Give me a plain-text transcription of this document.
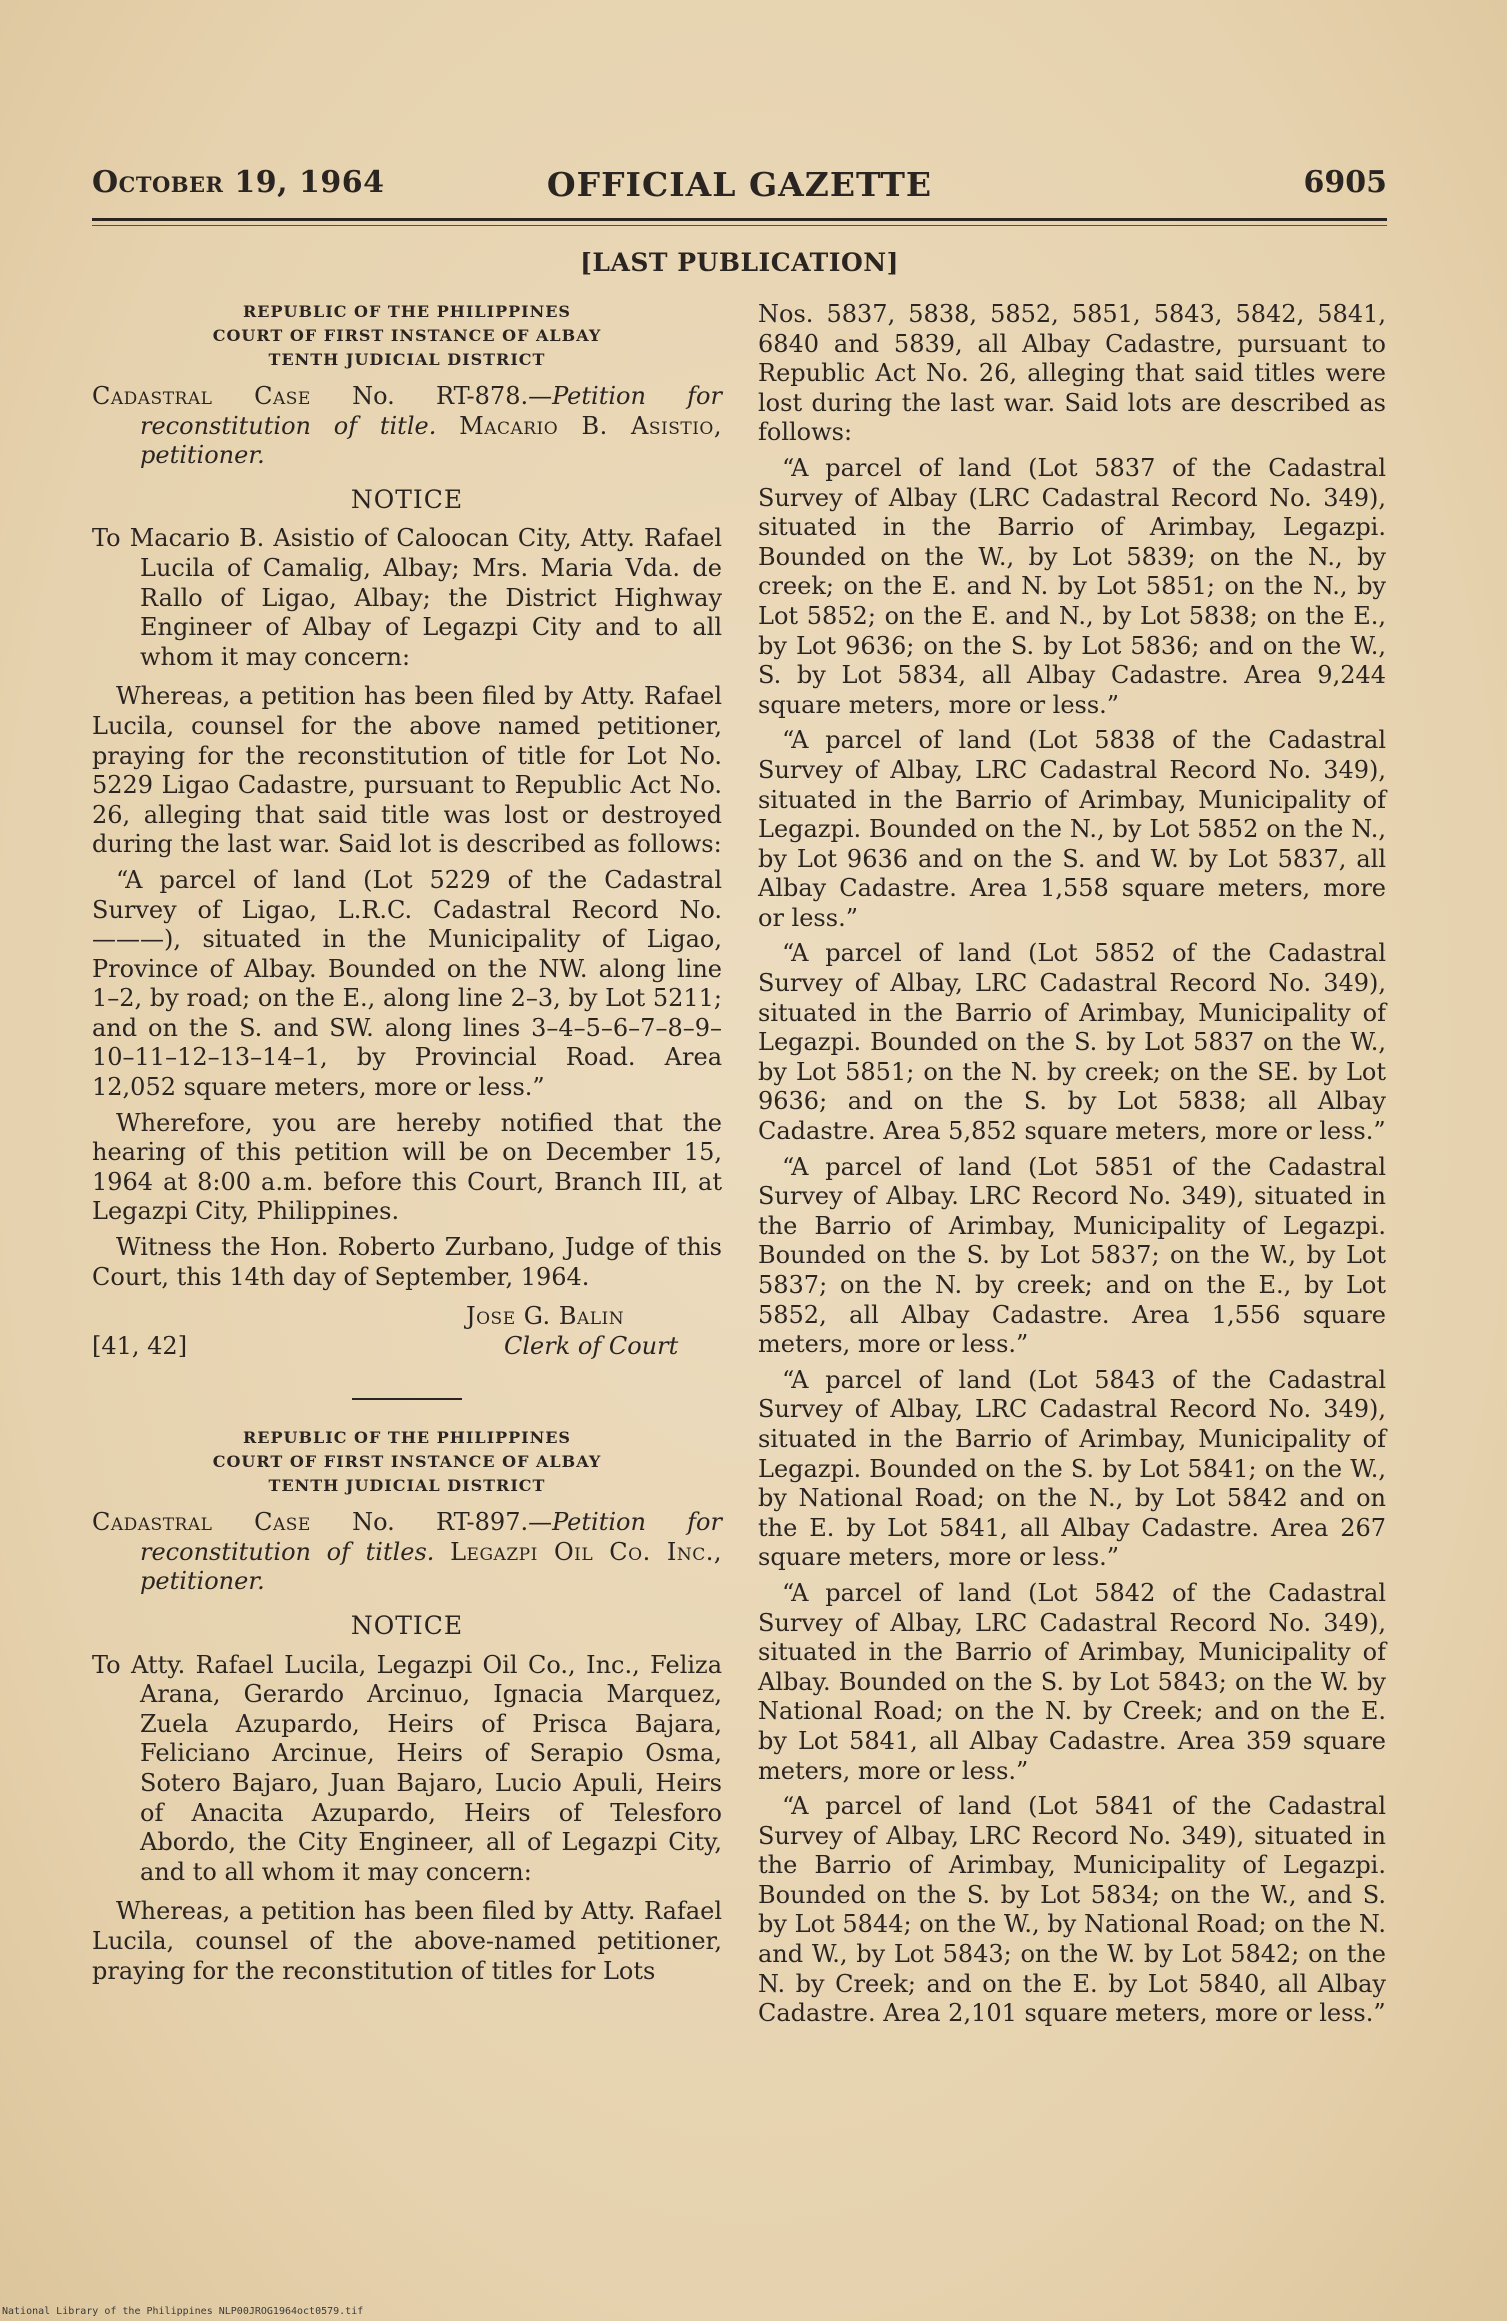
October 19, 1964	OFFICIAL GAZETTE	6905
[LAST PUBLICATION]
REPUBLIC OF THE PHILIPPINES
COURT OF FIRST INSTANCE OF ALBAY
TENTH JUDICIAL DISTRICT

Cadastral Case No. RT-878.—Petition for reconstitution of title. Macario B. Asistio, petitioner.

NOTICE

To Macario B. Asistio of Caloocan City, Atty. Rafael Lucila of Camalig, Albay; Mrs. Maria Vda. de Rallo of Ligao, Albay; the District Highway Engineer of Albay of Legazpi City and to all whom it may concern:

Whereas, a petition has been filed by Atty. Rafael Lucila, counsel for the above named petitioner, praying for the reconstitution of title for Lot No. 5229 Ligao Cadastre, pursuant to Republic Act No. 26, alleging that said title was lost or destroyed during the last war. Said lot is described as follows:

“A parcel of land (Lot 5229 of the Cadastral Survey of Ligao, L.R.C. Cadastral Record No. ———), situated in the Municipality of Ligao, Province of Albay. Bounded on the NW. along line 1–2, by road; on the E., along line 2–3, by Lot 5211; and on the S. and SW. along lines 3–4–5–6–7–8–9–10–11–12–13–14–1, by Provincial Road. Area 12,052 square meters, more or less.”

Wherefore, you are hereby notified that the hearing of this petition will be on December 15, 1964 at 8:00 a.m. before this Court, Branch III, at Legazpi City, Philippines.

Witness the Hon. Roberto Zurbano, Judge of this Court, this 14th day of September, 1964.

Jose G. Balin
Clerk of Court
[41, 42]
REPUBLIC OF THE PHILIPPINES
COURT OF FIRST INSTANCE OF ALBAY
TENTH JUDICIAL DISTRICT

Cadastral Case No. RT-897.—Petition for reconstitution of titles. Legazpi Oil Co. Inc., petitioner.

NOTICE

To Atty. Rafael Lucila, Legazpi Oil Co., Inc., Feliza Arana, Gerardo Arcinuo, Ignacia Marquez, Zuela Azupardo, Heirs of Prisca Bajara, Feliciano Arcinue, Heirs of Serapio Osma, Sotero Bajaro, Juan Bajaro, Lucio Apuli, Heirs of Anacita Azupardo, Heirs of Telesforo Abordo, the City Engineer, all of Legazpi City, and to all whom it may concern:

Whereas, a petition has been filed by Atty. Rafael Lucila, counsel of the above-named petitioner, praying for the reconstitution of titles for Lots

Nos. 5837, 5838, 5852, 5851, 5843, 5842, 5841, 6840 and 5839, all Albay Cadastre, pursuant to Republic Act No. 26, alleging that said titles were lost during the last war. Said lots are described as follows:

“A parcel of land (Lot 5837 of the Cadastral Survey of Albay (LRC Cadastral Record No. 349), situated in the Barrio of Arimbay, Legazpi. Bounded on the W., by Lot 5839; on the N., by creek; on the E. and N. by Lot 5851; on the N., by Lot 5852; on the E. and N., by Lot 5838; on the E., by Lot 9636; on the S. by Lot 5836; and on the W., S. by Lot 5834, all Albay Cadastre. Area 9,244 square meters, more or less.”

“A parcel of land (Lot 5838 of the Cadastral Survey of Albay, LRC Cadastral Record No. 349), situated in the Barrio of Arimbay, Municipality of Legazpi. Bounded on the N., by Lot 5852 on the N., by Lot 9636 and on the S. and W. by Lot 5837, all Albay Cadastre. Area 1,558 square meters, more or less.”

“A parcel of land (Lot 5852 of the Cadastral Survey of Albay, LRC Cadastral Record No. 349), situated in the Barrio of Arimbay, Municipality of Legazpi. Bounded on the S. by Lot 5837 on the W., by Lot 5851; on the N. by creek; on the SE. by Lot 9636; and on the S. by Lot 5838; all Albay Cadastre. Area 5,852 square meters, more or less.”

“A parcel of land (Lot 5851 of the Cadastral Survey of Albay. LRC Record No. 349), situated in the Barrio of Arimbay, Municipality of Legazpi. Bounded on the S. by Lot 5837; on the W., by Lot 5837; on the N. by creek; and on the E., by Lot 5852, all Albay Cadastre. Area 1,556 square meters, more or less.”

“A parcel of land (Lot 5843 of the Cadastral Survey of Albay, LRC Cadastral Record No. 349), situated in the Barrio of Arimbay, Municipality of Legazpi. Bounded on the S. by Lot 5841; on the W., by National Road; on the N., by Lot 5842 and on the E. by Lot 5841, all Albay Cadastre. Area 267 square meters, more or less.”

“A parcel of land (Lot 5842 of the Cadastral Survey of Albay, LRC Cadastral Record No. 349), situated in the Barrio of Arimbay, Municipality of Albay. Bounded on the S. by Lot 5843; on the W. by National Road; on the N. by Creek; and on the E. by Lot 5841, all Albay Cadastre. Area 359 square meters, more or less.”

“A parcel of land (Lot 5841 of the Cadastral Survey of Albay, LRC Record No. 349), situated in the Barrio of Arimbay, Municipality of Legazpi. Bounded on the S. by Lot 5834; on the W., and S. by Lot 5844; on the W., by National Road; on the N. and W., by Lot 5843; on the W. by Lot 5842; on the N. by Creek; and on the E. by Lot 5840, all Albay Cadastre. Area 2,101 square meters, more or less.”

National Library of the Philippines NLP00JROG1964oct0579.tif
